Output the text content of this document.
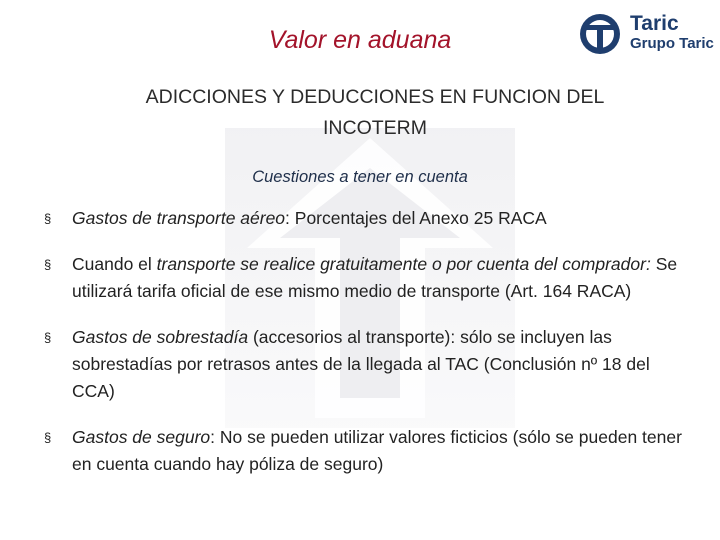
Valor en aduana
Taric
Grupo Taric
ADICCIONES Y DEDUCCIONES EN FUNCION DEL
INCOTERM
Cuestiones a tener en cuenta
§ Gastos de transporte aéreo: Porcentajes del Anexo 25 RACA
§ Cuando el transporte se realice gratuitamente o por cuenta del comprador: Se utilizará tarifa oficial de ese mismo medio de transporte (Art. 164 RACA)
§ Gastos de sobrestadía (accesorios al transporte): sólo se incluyen las sobrestadías por retrasos antes de la llegada al TAC (Conclusión nº 18 del CCA)
§ Gastos de seguro: No se pueden utilizar valores ficticios (sólo se pueden tener en cuenta cuando hay póliza de seguro)
